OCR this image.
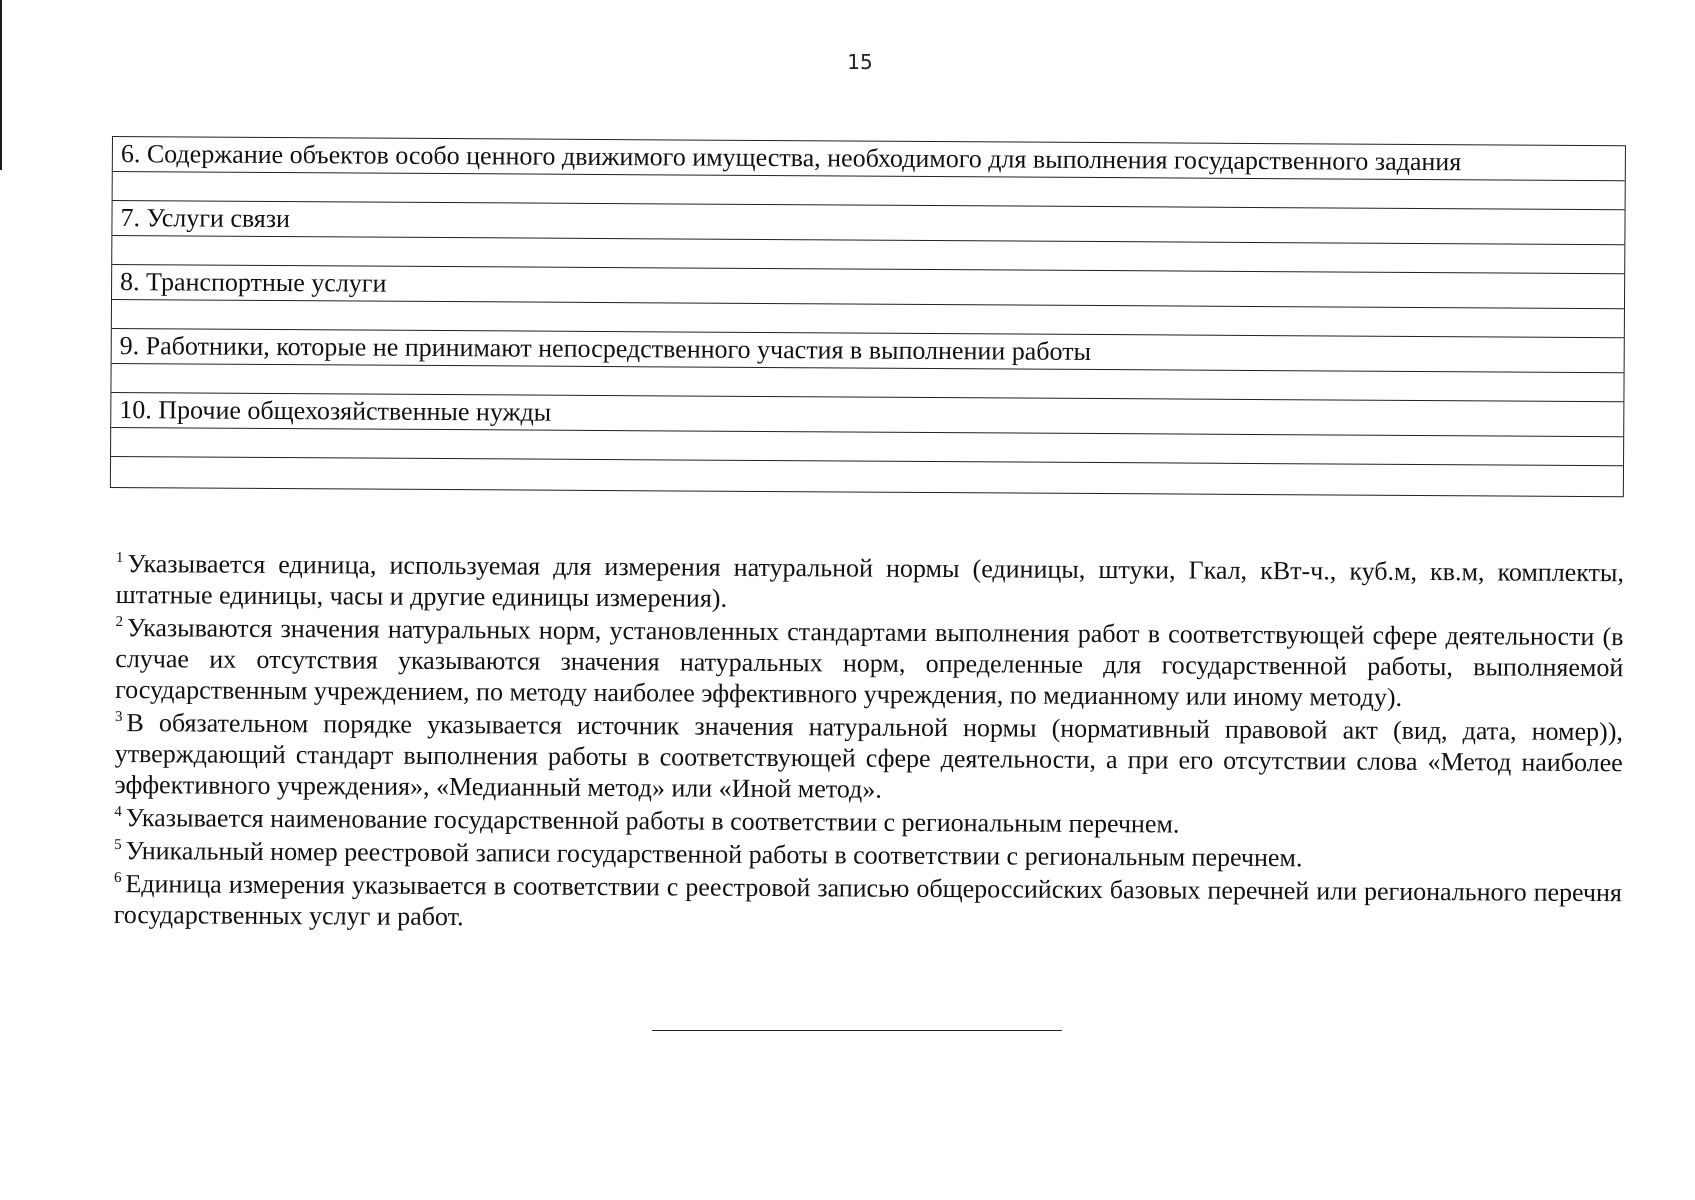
15
6. Содержание объектов особо ценного движимого имущества, необходимого для выполнения государственного задания
7. Услуги связи
8. Транспортные услуги
9. Работники, которые не принимают непосредственного участия в выполнении работы
10. Прочие общехозяйственные нужды

$^1$ Указывается единица, используемая для измерения натуральной нормы (единицы, штуки, Гкал, кВт-ч., куб.м, кв.м, комплекты, штатные единицы, часы и другие единицы измерения).

$^2$ Указываются значения натуральных норм, установленных стандартами выполнения работ в соответствующей сфере деятельности (в случае их отсутствия указываются значения натуральных норм, определенные для государственной работы, выполняемой государственным учреждением, по методу наиболее эффективного учреждения, по медианному или иному методу).

$^3$ В обязательном порядке указывается источник значения натуральной нормы (нормативный правовой акт (вид, дата, номер)), утверждающий стандарт выполнения работы в соответствующей сфере деятельности, а при его отсутствии слова «Метод наиболее эффективного учреждения», «Медианный метод» или «Иной метод».

$^4$ Указывается наименование государственной работы в соответствии с региональным перечнем.

$^5$ Уникальный номер реестровой записи государственной работы в соответствии с региональным перечнем.

$^6$ Единица измерения указывается в соответствии с реестровой записью общероссийских базовых перечней или регионального перечня государственных услуг и работ.
